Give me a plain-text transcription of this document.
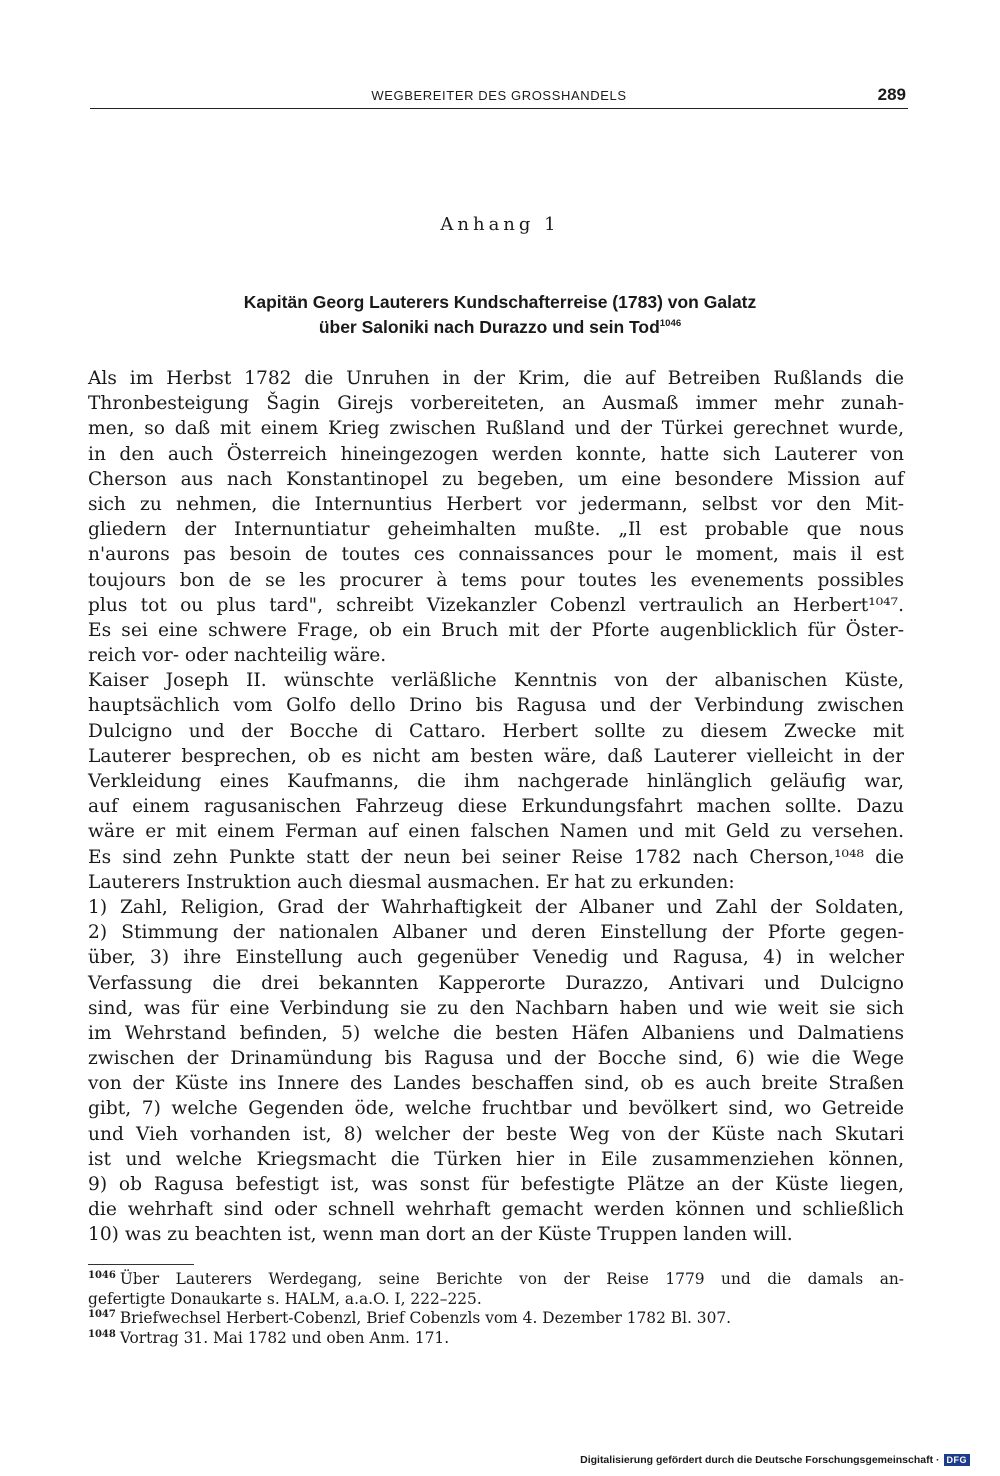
WEGBEREITER DES GROSSHANDELS	289
Anhang 1
Kapitän Georg Lauterers Kundschafterreise (1783) von Galatz
über Saloniki nach Durazzo und sein Tod$^{1046}$
Als im Herbst 1782 die Unruhen in der Krim, die auf Betreiben Rußlands die
Thronbesteigung Šagin Girejs vorbereiteten, an Ausmaß immer mehr zunah-
men, so daß mit einem Krieg zwischen Rußland und der Türkei gerechnet wurde,
in den auch Österreich hineingezogen werden konnte, hatte sich Lauterer von
Cherson aus nach Konstantinopel zu begeben, um eine besondere Mission auf
sich zu nehmen, die Internuntius Herbert vor jedermann, selbst vor den Mit-
gliedern der Internuntiatur geheimhalten mußte. „Il est probable que nous
n'aurons pas besoin de toutes ces connaissances pour le moment, mais il est
toujours bon de se les procurer à tems pour toutes les evenements possibles
plus tot ou plus tard", schreibt Vizekanzler Cobenzl vertraulich an Herbert¹⁰⁴⁷.
Es sei eine schwere Frage, ob ein Bruch mit der Pforte augenblicklich für Öster-
reich vor- oder nachteilig wäre.
Kaiser Joseph II. wünschte verläßliche Kenntnis von der albanischen Küste,
hauptsächlich vom Golfo dello Drino bis Ragusa und der Verbindung zwischen
Dulcigno und der Bocche di Cattaro. Herbert sollte zu diesem Zwecke mit
Lauterer besprechen, ob es nicht am besten wäre, daß Lauterer vielleicht in der
Verkleidung eines Kaufmanns, die ihm nachgerade hinlänglich geläufig war,
auf einem ragusanischen Fahrzeug diese Erkundungsfahrt machen sollte. Dazu
wäre er mit einem Ferman auf einen falschen Namen und mit Geld zu versehen.
Es sind zehn Punkte statt der neun bei seiner Reise 1782 nach Cherson,¹⁰⁴⁸ die
Lauterers Instruktion auch diesmal ausmachen. Er hat zu erkunden:
1) Zahl, Religion, Grad der Wahrhaftigkeit der Albaner und Zahl der Soldaten,
2) Stimmung der nationalen Albaner und deren Einstellung der Pforte gegen-
über, 3) ihre Einstellung auch gegenüber Venedig und Ragusa, 4) in welcher
Verfassung die drei bekannten Kapperorte Durazzo, Antivari und Dulcigno
sind, was für eine Verbindung sie zu den Nachbarn haben und wie weit sie sich
im Wehrstand befinden, 5) welche die besten Häfen Albaniens und Dalmatiens
zwischen der Drinamündung bis Ragusa und der Bocche sind, 6) wie die Wege
von der Küste ins Innere des Landes beschaffen sind, ob es auch breite Straßen
gibt, 7) welche Gegenden öde, welche fruchtbar und bevölkert sind, wo Getreide
und Vieh vorhanden ist, 8) welcher der beste Weg von der Küste nach Skutari
ist und welche Kriegsmacht die Türken hier in Eile zusammenziehen können,
9) ob Ragusa befestigt ist, was sonst für befestigte Plätze an der Küste liegen,
die wehrhaft sind oder schnell wehrhaft gemacht werden können und schließlich
10) was zu beachten ist, wenn man dort an der Küste Truppen landen will.
$^{1046}$ Über Lauterers Werdegang, seine Berichte von der Reise 1779 und die damals an-
gefertigte Donaukarte s. HALM, a.a.O. I, 222–225.
$^{1047}$ Briefwechsel Herbert-Cobenzl, Brief Cobenzls vom 4. Dezember 1782 Bl. 307.
$^{1048}$ Vortrag 31. Mai 1782 und oben Anm. 171.
Digitalisierung gefördert durch die Deutsche Forschungsgemeinschaft · DFG
